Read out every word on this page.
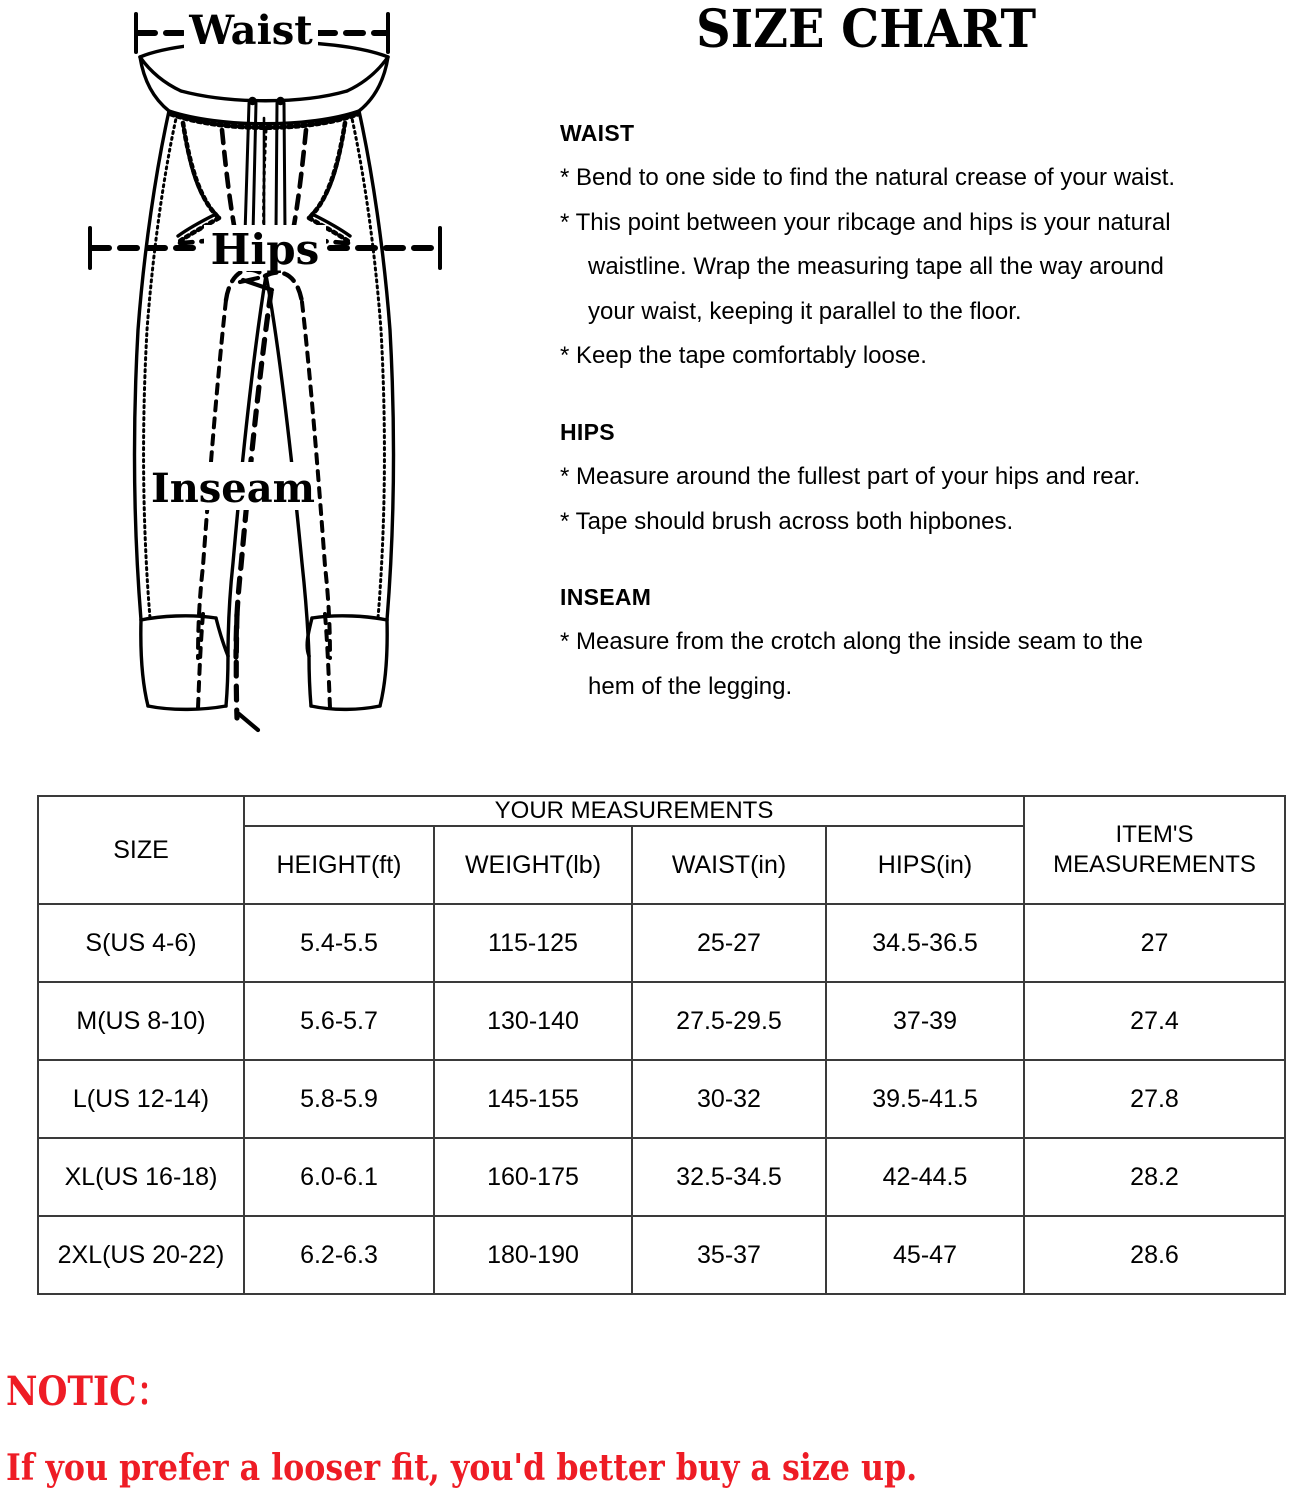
Waist
Hips
Inseam
SIZE CHART
WAIST
* Bend to one side to find the natural crease of your waist.
* This point between your ribcage and hips is your natural
waistline. Wrap the measuring tape all the way around
your waist, keeping it parallel to the floor.
* Keep the tape comfortably loose.
HIPS
* Measure around the fullest part of your hips and rear.
* Tape should brush across both hipbones.
INSEAM
* Measure from the crotch along the inside seam to the
hem of the legging.
SIZE	YOUR MEASUREMENTS				ITEM'S
MEASUREMENTS

	HEIGHT(ft)	WEIGHT(lb)	WAIST(in)	HIPS(in)	
S(US 4-6)	5.4-5.5	115-125	25-27	34.5-36.5	27
M(US 8-10)	5.6-5.7	130-140	27.5-29.5	37-39	27.4
L(US 12-14)	5.8-5.9	145-155	30-32	39.5-41.5	27.8
XL(US 16-18)	6.0-6.1	160-175	32.5-34.5	42-44.5	28.2
2XL(US 20-22)	6.2-6.3	180-190	35-37	45-47	28.6
NOTIC：
If you prefer a looser fit, you'd better buy a size up.
